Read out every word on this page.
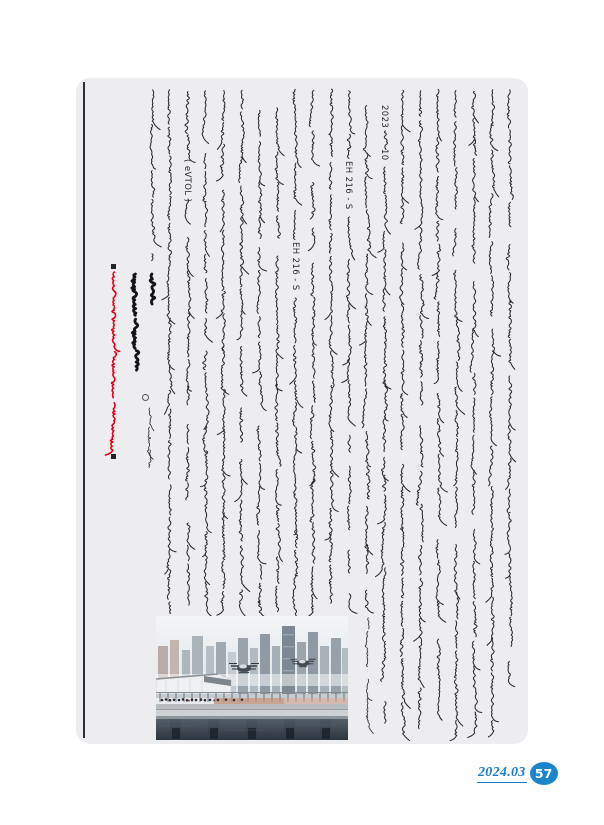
( eVTOL )	EH 216 - S
2023
10
EH 216 - S
2024.03 57
